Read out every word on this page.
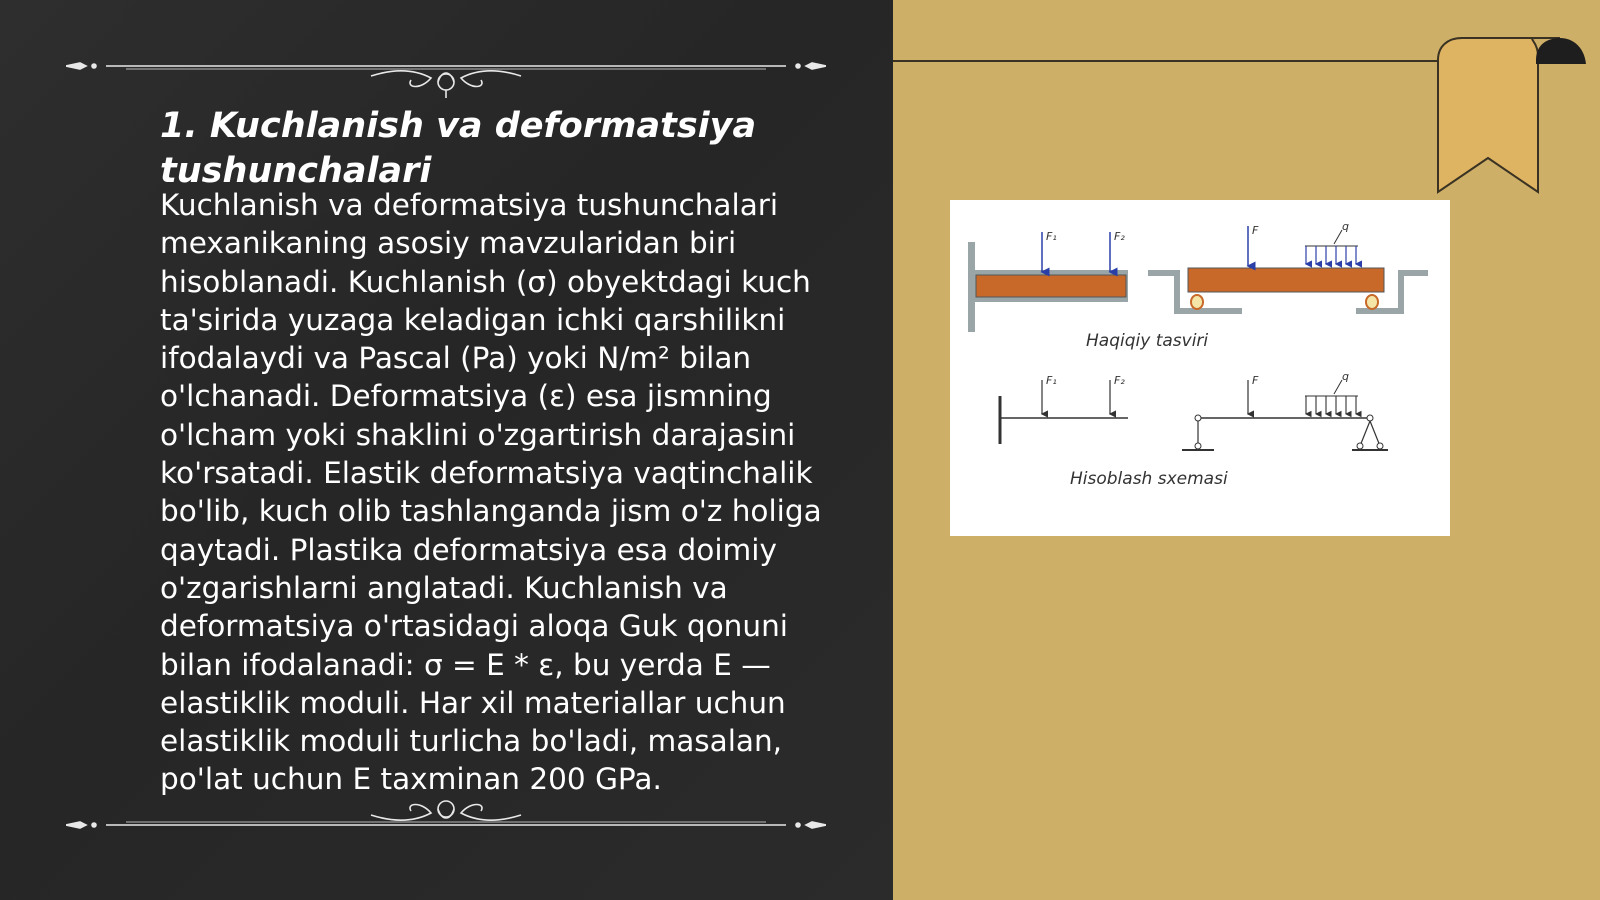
1. Kuchlanish va deformatsiya tushunchalari

Kuchlanish va deformatsiya tushunchalari mexanikaning asosiy mavzularidan biri hisoblanadi. Kuchlanish (σ) obyektdagi kuch ta'sirida yuzaga keladigan ichki qarshilikni ifodalaydi va Pascal (Pa) yoki N/m² bilan o'lchanadi. Deformatsiya (ε) esa jismning o'lcham yoki shaklini o'zgartirish darajasini ko'rsatadi. Elastik deformatsiya vaqtinchalik bo'lib, kuch olib tashlanganda jism o'z holiga qaytadi. Plastika deformatsiya esa doimiy o'zgarishlarni anglatadi. Kuchlanish va deformatsiya o'rtasidagi aloqa Guk qonuni bilan ifodalanadi: σ = E * ε, bu yerda E — elastiklik moduli. Har xil materiallar uchun elastiklik moduli turlicha bo'ladi, masalan, po'lat uchun E taxminan 200 GPa.

F₁	F₂	F	q
Haqiqiy tasviri
F₁	F₂	F	q
Hisoblash sxemasi
